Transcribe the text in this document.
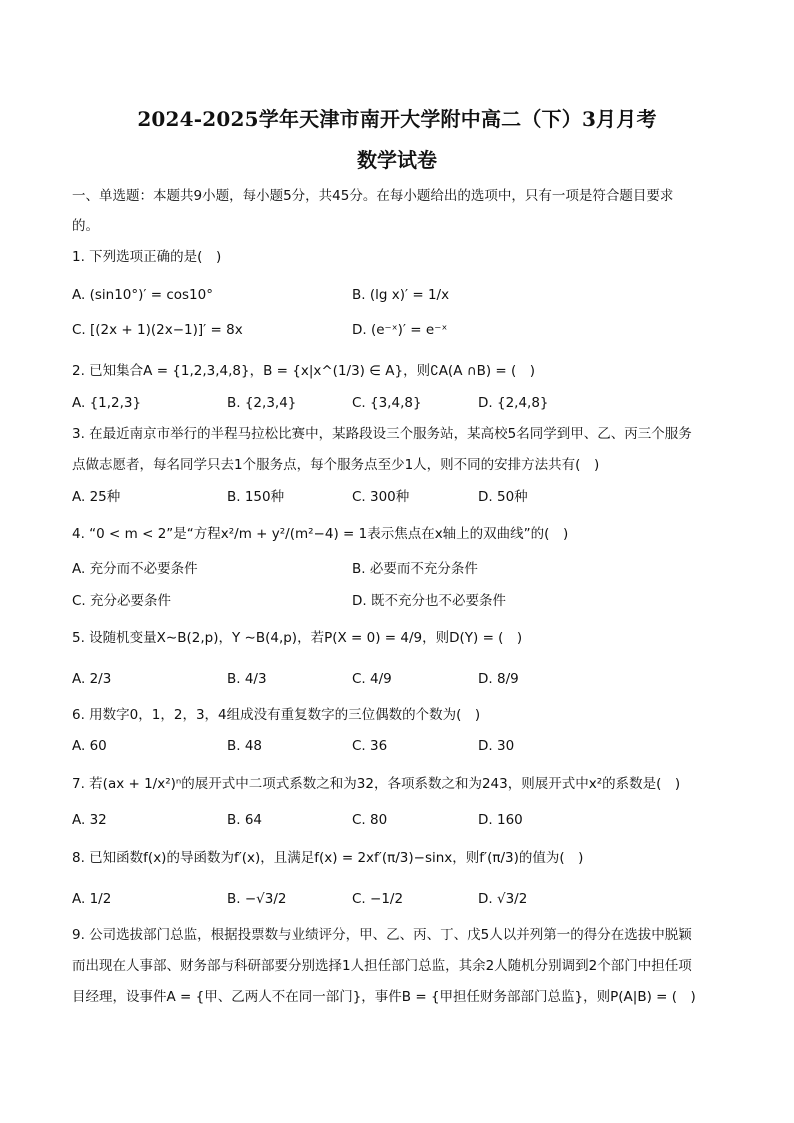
2024-2025学年天津市南开大学附中高二（下）3月月考
数学试卷
一、单选题：本题共9小题，每小题5分，共45分。在每小题给出的选项中，只有一项是符合题目要求
的。
1. 下列选项正确的是(　)
A. (sin10°)′ = cos10°	B. (lg x)′ = 1/x
C. [(2x + 1)(2x−1)]′ = 8x	D. (e⁻ˣ)′ = e⁻ˣ
2. 已知集合A = {1,2,3,4,8}，B = {x|x^(1/3) ∈ A}，则∁A(A ∩B) = (　)
A. {1,2,3}	B. {2,3,4}	C. {3,4,8}	D. {2,4,8}
3. 在最近南京市举行的半程马拉松比赛中，某路段设三个服务站，某高校5名同学到甲、乙、丙三个服务
点做志愿者，每名同学只去1个服务点，每个服务点至少1人，则不同的安排方法共有(　)
A. 25种	B. 150种	C. 300种	D. 50种
4. “0 < m < 2”是“方程x²/m + y²/(m²−4) = 1表示焦点在x轴上的双曲线”的(　)
A. 充分而不必要条件	B. 必要而不充分条件
C. 充分必要条件	D. 既不充分也不必要条件
5. 设随机变量X∼B(2,p)，Y ∼B(4,p)，若P(X = 0) = 4/9，则D(Y) = (　)
A. 2/3	B. 4/3	C. 4/9	D. 8/9
6. 用数字0，1，2，3，4组成没有重复数字的三位偶数的个数为(　)
A. 60	B. 48	C. 36	D. 30
7. 若(ax + 1/x²)ⁿ的展开式中二项式系数之和为32，各项系数之和为243，则展开式中x²的系数是(　)
A. 32	B. 64	C. 80	D. 160
8. 已知函数f(x)的导函数为f′(x)，且满足f(x) = 2xf′(π/3)−sinx，则f′(π/3)的值为(　)
A. 1/2	B. −√3/2	C. −1/2	D. √3/2
9. 公司选拔部门总监，根据投票数与业绩评分，甲、乙、丙、丁、戊5人以并列第一的得分在选拔中脱颖
而出现在人事部、财务部与科研部要分别选择1人担任部门总监，其余2人随机分别调到2个部门中担任项
目经理，设事件A = {甲、乙两人不在同一部门}，事件B = {甲担任财务部部门总监}，则P(A|B) = (　)
